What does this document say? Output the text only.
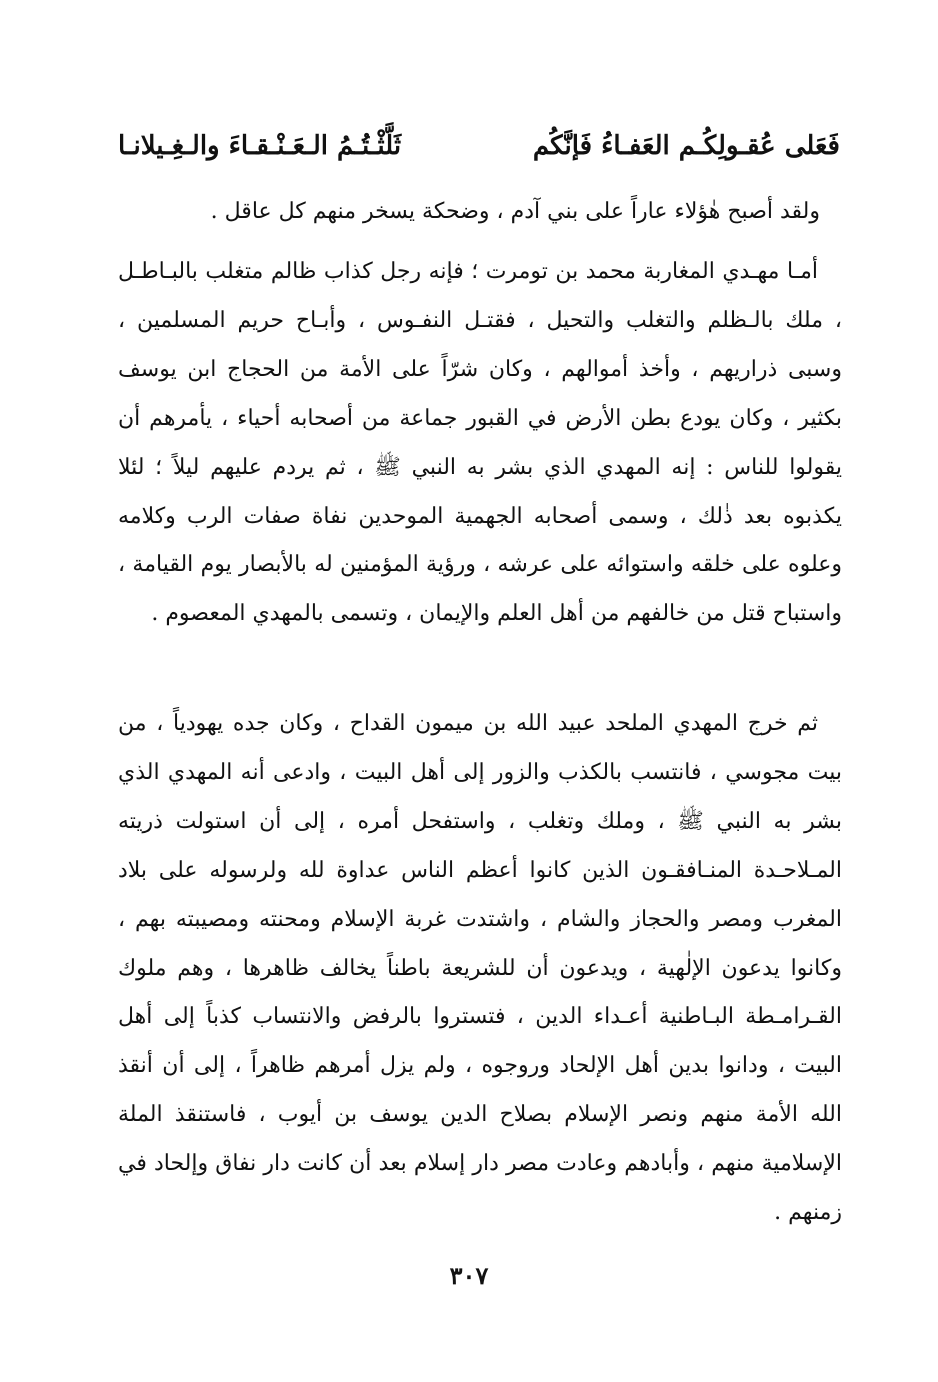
فَعَلى عُقـولِكُـم العَفـاءُ فَإنَّكُم
ثَلَّثْـتُـمُ الـعَـنْـقـاءَ والـغِـيلانـا

ولقد أصبح هٰؤلاء عاراً على بني آدم ، وضحكة يسخر منهم كل عاقل .

أمـا مهـدي المغاربة محمد بن تومرت ؛ فإنه رجل كذاب ظالم متغلب بالبـاطـل ، ملك بالـظلم والتغلب والتحيل ، فقتـل النفـوس ، وأبـاح حريم المسلمين ، وسبى ذراريهم ، وأخذ أموالهم ، وكان شرّاً على الأمة من الحجاج ابن يوسف بكثير ، وكان يودع بطن الأرض في القبور جماعة من أصحابه أحياء ، يأمرهم أن يقولوا للناس : إنه المهدي الذي بشر به النبي ﷺ ، ثم يردم عليهم ليلاً ؛ لئلا يكذبوه بعد ذٰلك ، وسمى أصحابه الجهمية الموحدين نفاة صفات الرب وكلامه وعلوه على خلقه واستوائه على عرشه ، ورؤية المؤمنين له بالأبصار يوم القيامة ، واستباح قتل من خالفهم من أهل العلم والإيمان ، وتسمى بالمهدي المعصوم .

ثم خرج المهدي الملحد عبيد الله بن ميمون القداح ، وكان جده يهودياً ، من بيت مجوسي ، فانتسب بالكذب والزور إلى أهل البيت ، وادعى أنه المهدي الذي بشر به النبي ﷺ ، وملك وتغلب ، واستفحل أمره ، إلى أن استولت ذريته المـلاحـدة المنـافقـون الذين كانوا أعظم الناس عداوة لله ولرسوله على بلاد المغرب ومصر والحجاز والشام ، واشتدت غربة الإسلام ومحنته ومصيبته بهم ، وكانوا يدعون الإلٰهية ، ويدعون أن للشريعة باطناً يخالف ظاهرها ، وهم ملوك القـرامـطة البـاطنية أعـداء الدين ، فتستروا بالرفض والانتساب كذباً إلى أهل البيت ، ودانوا بدين أهل الإلحاد وروجوه ، ولم يزل أمرهم ظاهراً ، إلى أن أنقذ الله الأمة منهم ونصر الإسلام بصلاح الدين يوسف بن أيوب ، فاستنقذ الملة الإسلامية منهم ، وأبادهم وعادت مصر دار إسلام بعد أن كانت دار نفاق وإلحاد في زمنهم .

٣٠٧
